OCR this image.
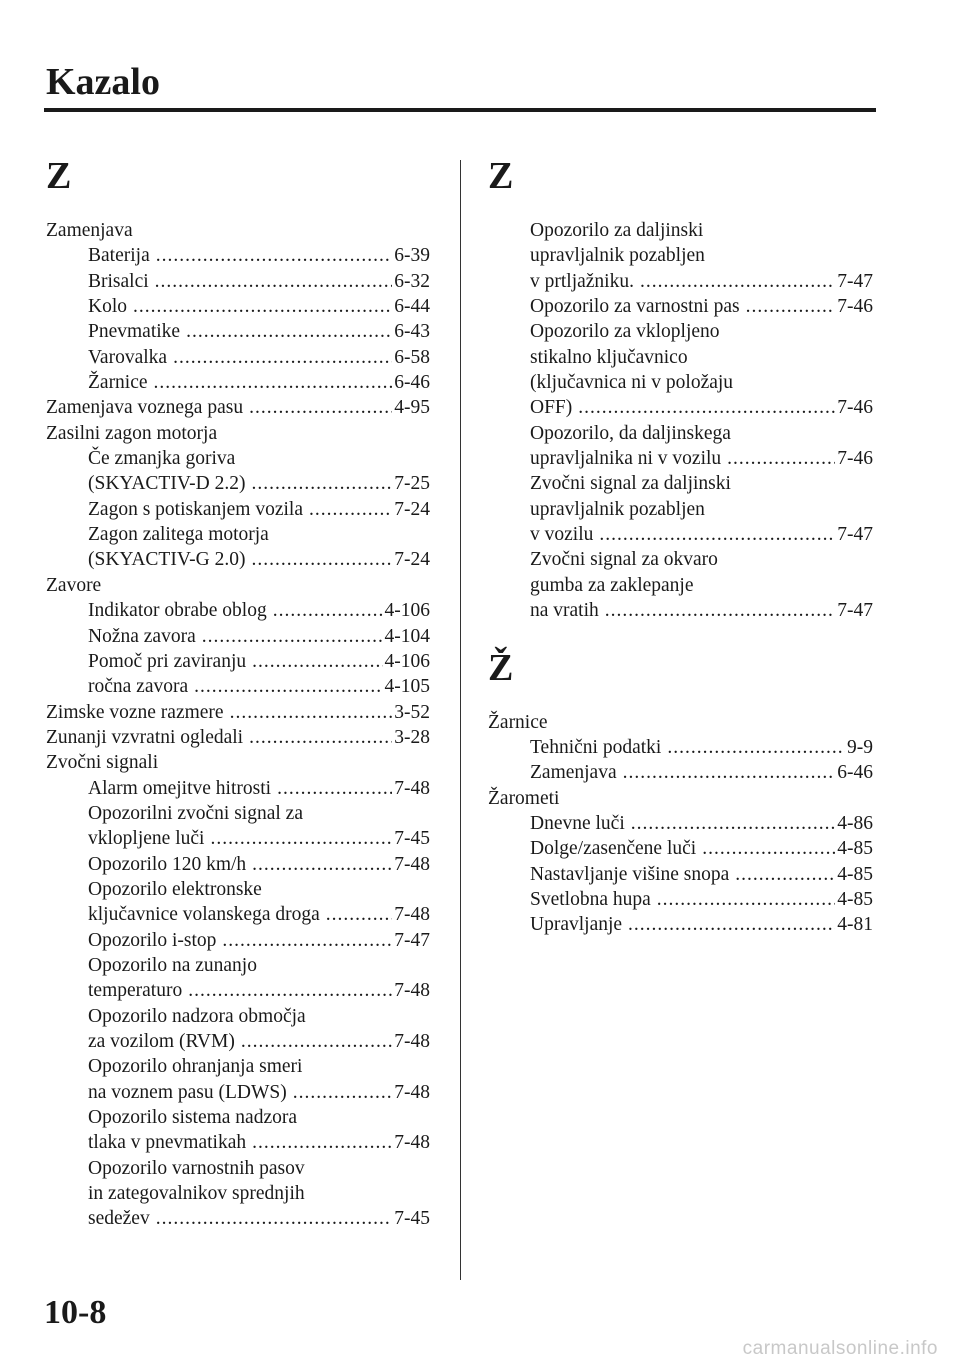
Kazalo
Z
Zamenjava
Baterija .....	6-39
Brisalci .....	6-32
Kolo .....	6-44
Pnevmatike .....	6-43
Varovalka .....	6-58
Žarnice .....	6-46
Zamenjava voznega pasu .....	4-95
Zasilni zagon motorja
Če zmanjka goriva
(SKYACTIV-D 2.2) .....	7-25
Zagon s potiskanjem vozila .....	7-24
Zagon zalitega motorja
(SKYACTIV-G 2.0) .....	7-24
Zavore
Indikator obrabe oblog .....	4-106
Nožna zavora .....	4-104
Pomoč pri zaviranju .....	4-106
ročna zavora .....	4-105
Zimske vozne razmere .....	3-52
Zunanji vzvratni ogledali .....	3-28
Zvočni signali
Alarm omejitve hitrosti .....	7-48
Opozorilni zvočni signal za
vklopljene luči .....	7-45
Opozorilo 120 km/h .....	7-48
Opozorilo elektronske
ključavnice volanskega droga .....	7-48
Opozorilo i-stop .....	7-47
Opozorilo na zunanjo
temperaturo .....	7-48
Opozorilo nadzora območja
za vozilom (RVM) .....	7-48
Opozorilo ohranjanja smeri
na voznem pasu (LDWS) .....	7-48
Opozorilo sistema nadzora
tlaka v pnevmatikah .....	7-48
Opozorilo varnostnih pasov
in zategovalnikov sprednjih
sedežev .....	7-45
Z
Opozorilo za daljinski
upravljalnik pozabljen
v prtljažniku. .....	7-47
Opozorilo za varnostni pas .....	7-46
Opozorilo za vklopljeno
stikalno ključavnico
(ključavnica ni v položaju
OFF) .....	7-46
Opozorilo, da daljinskega
upravljalnika ni v vozilu .....	7-46
Zvočni signal za daljinski
upravljalnik pozabljen
v vozilu .....	7-47
Zvočni signal za okvaro
gumba za zaklepanje
na vratih .....	7-47
Ž
Žarnice
Tehnični podatki .....	9-9
Zamenjava .....	6-46
Žarometi
Dnevne luči .....	4-86
Dolge/zasenčene luči .....	4-85
Nastavljanje višine snopa .....	4-85
Svetlobna hupa .....	4-85
Upravljanje .....	4-81
10-8
carmanualsonline.info
